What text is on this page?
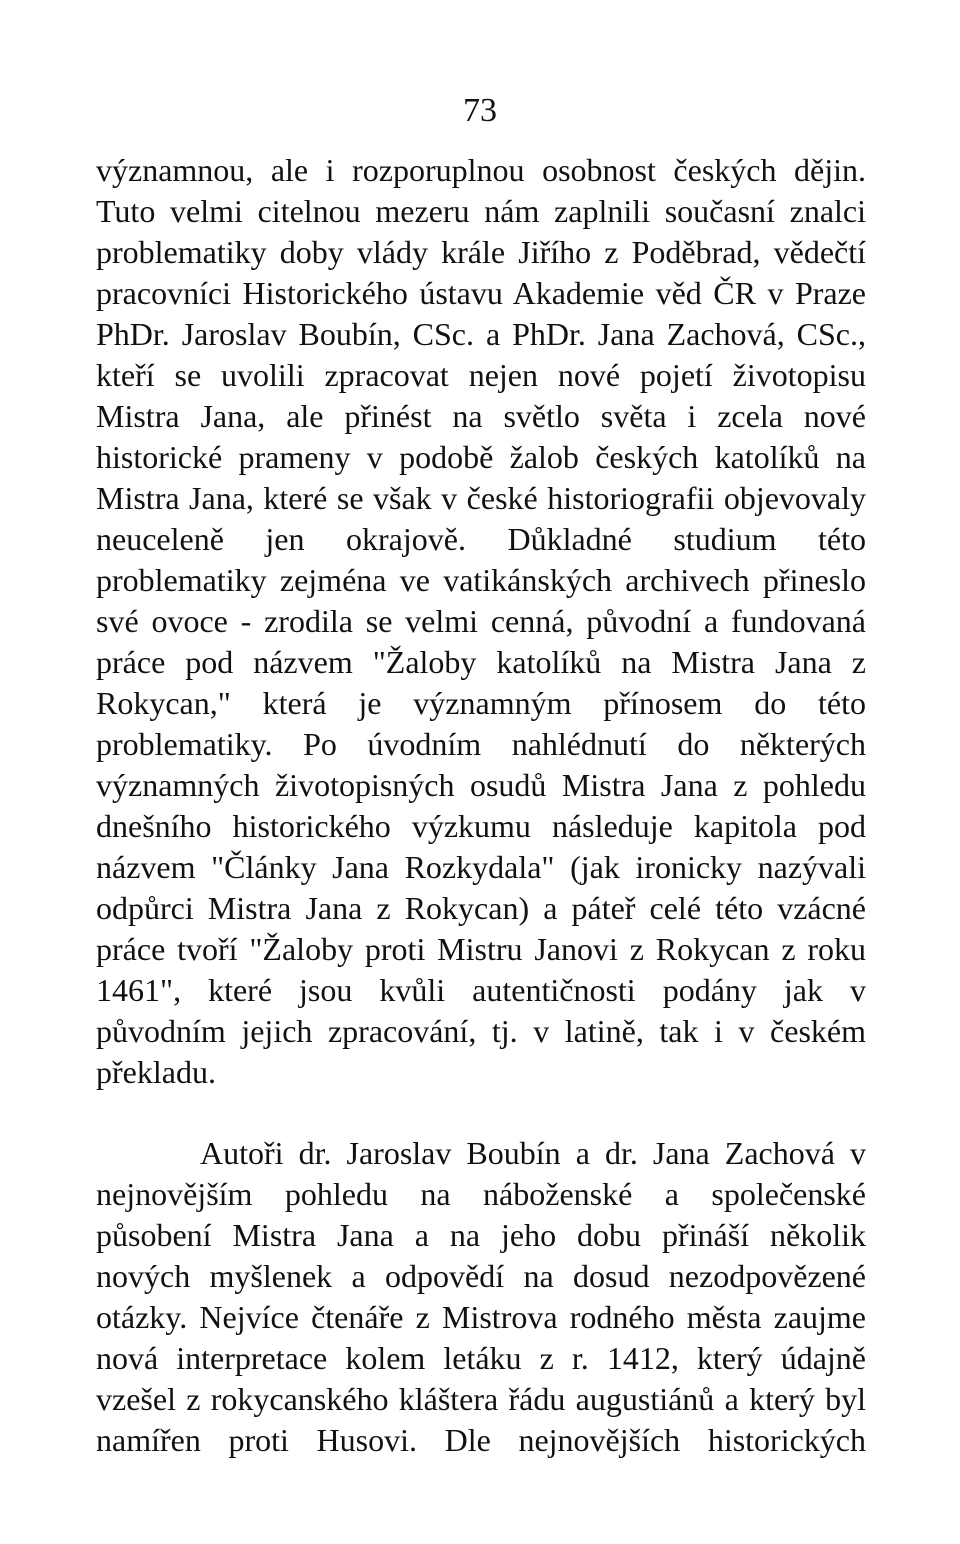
73
významnou, ale i rozporuplnou osobnost českých dějin.
Tuto velmi citelnou mezeru nám zaplnili současní znalci
problematiky doby vlády krále Jiřího z Poděbrad, vědečtí
pracovníci Historického ústavu Akademie věd ČR v Praze
PhDr. Jaroslav Boubín, CSc. a PhDr. Jana Zachová, CSc.,
kteří se uvolili zpracovat nejen nové pojetí životopisu
Mistra Jana, ale přinést na světlo světa i zcela nové
historické prameny v podobě žalob českých katolíků na
Mistra Jana, které se však v české historiografii objevovaly
neuceleně jen okrajově. Důkladné studium této
problematiky zejména ve vatikánských archivech přineslo
své ovoce - zrodila se velmi cenná, původní a fundovaná
práce pod názvem "Žaloby katolíků na Mistra Jana z
Rokycan," která je významným přínosem do této
problematiky. Po úvodním nahlédnutí do některých
významných životopisných osudů Mistra Jana z pohledu
dnešního historického výzkumu následuje kapitola pod
názvem "Články Jana Rozkydala" (jak ironicky nazývali
odpůrci Mistra Jana z Rokycan) a páteř celé této vzácné
práce tvoří "Žaloby proti Mistru Janovi z Rokycan z roku
1461", které jsou kvůli autentičnosti podány jak v
původním jejich zpracování, tj. v latině, tak i v českém
překladu.
Autoři dr. Jaroslav Boubín a dr. Jana Zachová v
nejnovějším pohledu na náboženské a společenské
působení Mistra Jana a na jeho dobu přináší několik
nových myšlenek a odpovědí na dosud nezodpovězené
otázky. Nejvíce čtenáře z Mistrova rodného města zaujme
nová interpretace kolem letáku z r. 1412, který údajně
vzešel z rokycanského kláštera řádu augustiánů a který byl
namířen proti Husovi. Dle nejnovějších historických
